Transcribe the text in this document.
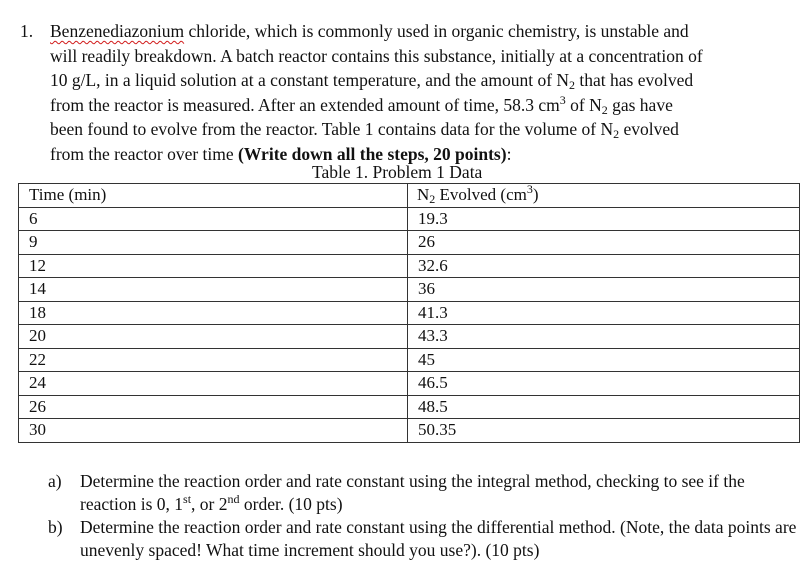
1. Benzenediazonium chloride, which is commonly used in organic chemistry, is unstable and
will readily breakdown. A batch reactor contains this substance, initially at a concentration of
10 g/L, in a liquid solution at a constant temperature, and the amount of $N_2$ that has evolved
from the reactor is measured. After an extended amount of time, 58.3 $cm^3$ of $N_2$ gas have
been found to evolve from the reactor. Table 1 contains data for the volume of $N_2$ evolved
from the reactor over time (Write down all the steps, 20 points):
Table 1. Problem 1 Data
Time (min)	$N_2$ Evolved $(cm^3)$
6	19.3
9	26
12	32.6
14	36
18	41.3
20	43.3
22	45
24	46.5
26	48.5
30	50.35
a) Determine the reaction order and rate constant using the integral method, checking to see if the reaction is 0, 1st, or 2nd order. (10 pts)
b) Determine the reaction order and rate constant using the differential method. (Note, the data points are unevenly spaced! What time increment should you use?). (10 pts)
